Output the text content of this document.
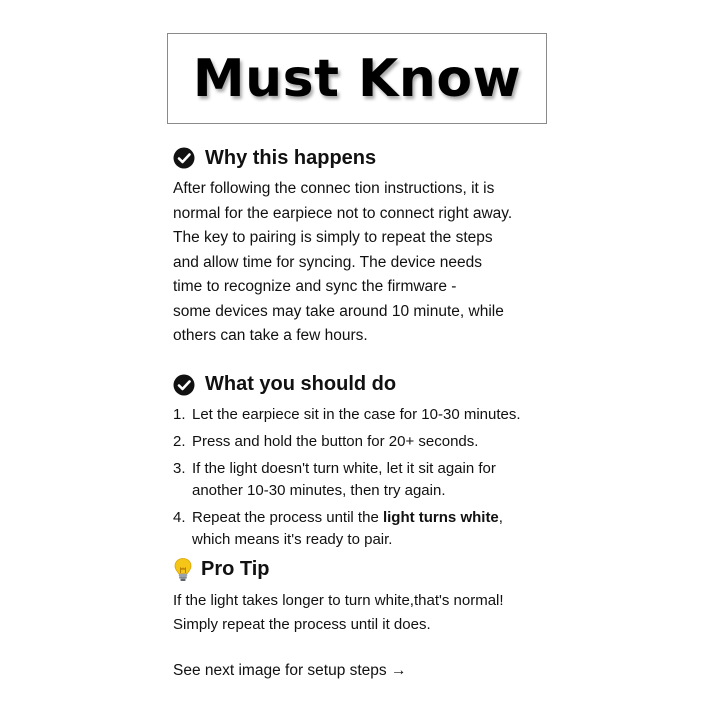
Must Know
Why this happens

After following the connec tion instructions, it is

normal for the earpiece not to connect right away.

The key to pairing is simply to repeat the steps

and allow time for syncing. The device needs

time to recognize and sync the firmware -

some devices may take around 10 minute, while

others can take a few hours.

What you should do
1. Let the earpiece sit in the case for 10-30 minutes.
2. Press and hold the button for 20+ seconds.
3. If the light doesn't turn white, let it sit again for
another 10-30 minutes, then try again.
4. Repeat the process until the light turns white,
which means it's ready to pair.
Pro Tip

If the light takes longer to turn white,that's normal!

Simply repeat the process until it does.

See next image for setup steps →
